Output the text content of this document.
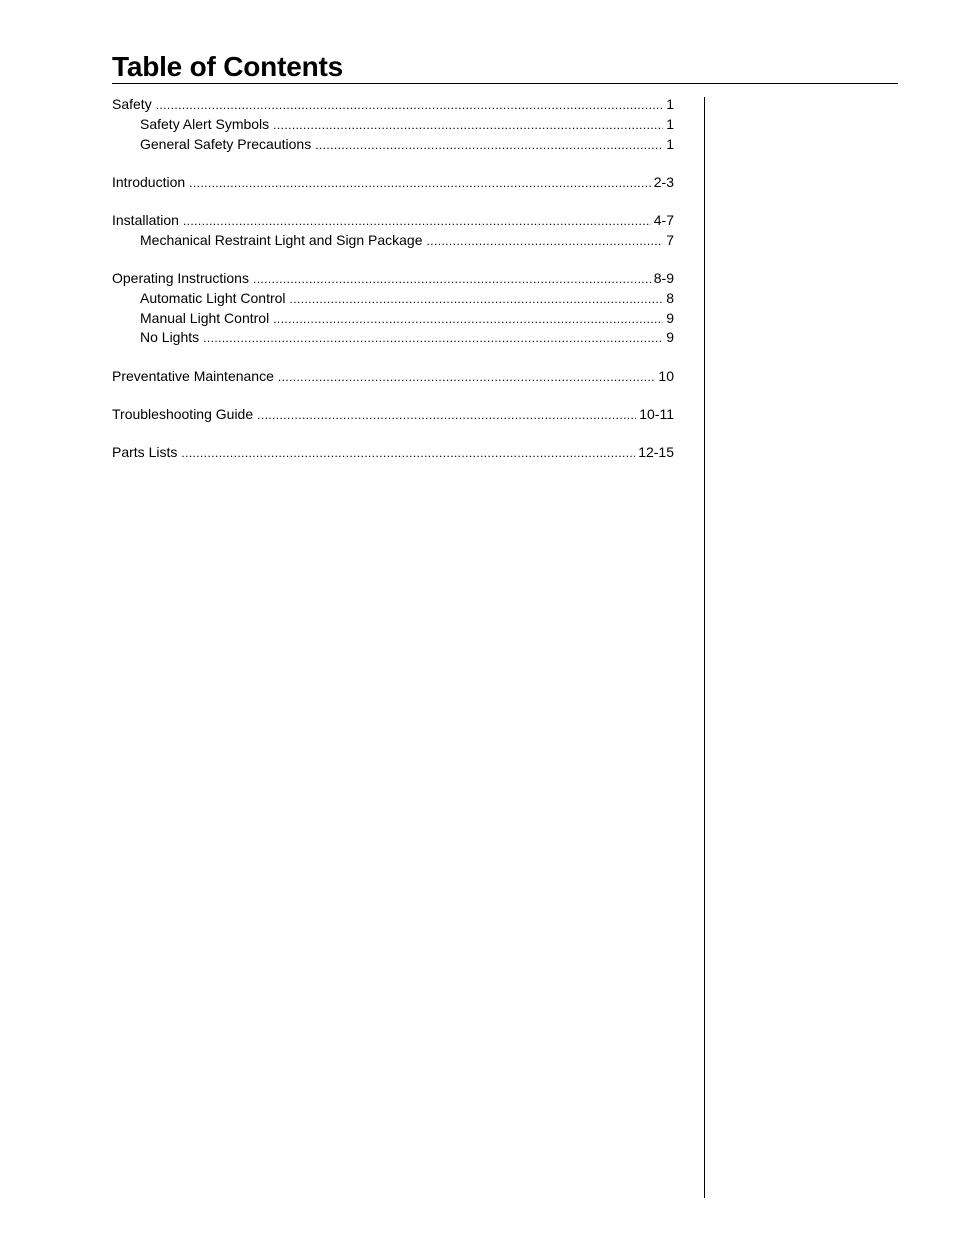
Table of Contents
Safety .....	1
Safety Alert Symbols .....	1
General Safety Precautions .....	1
Introduction .....	2-3
Installation .....	4-7
Mechanical Restraint Light and Sign Package .....	7
Operating Instructions .....	8-9
Automatic Light Control .....	8
Manual Light Control .....	9
No Lights .....	9
Preventative Maintenance .....	10
Troubleshooting Guide .....	10-11
Parts Lists .....	12-15
